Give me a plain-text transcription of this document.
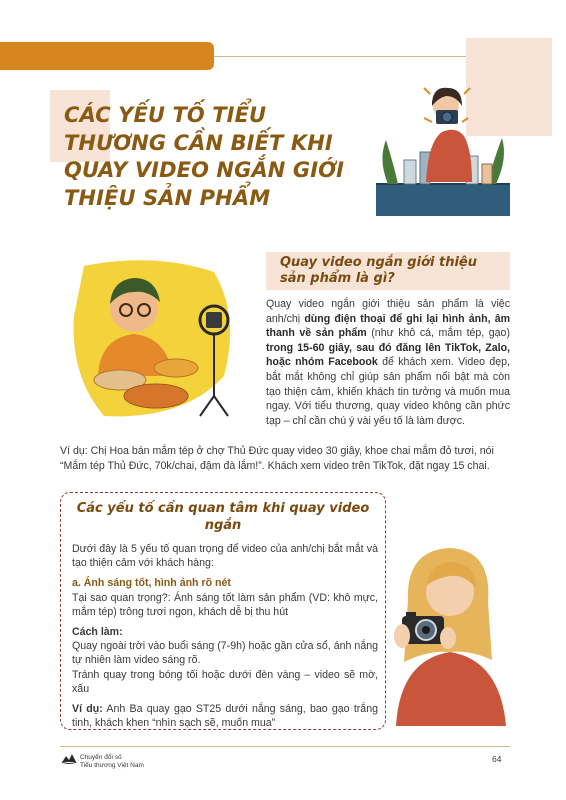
CÁC YẾU TỐ TIỂU THƯƠNG CẦN BIẾT KHI QUAY VIDEO NGẮN GIỚI THIỆU SẢN PHẨM
Quay video ngắn giới thiệu sản phẩm là gì?

Quay video ngắn giới thiệu sản phẩm là việc anh/chị dùng điện thoại để ghi lại hình ảnh, âm thanh về sản phẩm (như khô cá, mắm tép, gạo) trong 15-60 giây, sau đó đăng lên TikTok, Zalo, hoặc nhóm Facebook để khách xem. Video đẹp, bắt mắt không chỉ giúp sản phẩm nổi bật mà còn tạo thiện cảm, khiến khách tin tưởng và muốn mua ngay. Với tiểu thương, quay video không cần phức tạp – chỉ cần chú ý vài yếu tố là làm được.

Ví dụ: Chị Hoa bán mắm tép ở chợ Thủ Đức quay video 30 giây, khoe chai mắm đỏ tươi, nói “Mắm tép Thủ Đức, 70k/chai, đậm đà lắm!”. Khách xem video trên TikTok, đặt ngay 15 chai.

Các yếu tố cần quan tâm khi quay video ngắn

Dưới đây là 5 yếu tố quan trọng để video của anh/chị bắt mắt và tạo thiện cảm với khách hàng:

a. Ánh sáng tốt, hình ảnh rõ nét

Tại sao quan trọng?: Ánh sáng tốt làm sản phẩm (VD: khô mực, mắm tép) trông tươi ngon, khách dễ bị thu hút

Cách làm:

Quay ngoài trời vào buổi sáng (7-9h) hoặc gần cửa sổ, ánh nắng tự nhiên làm video sáng rõ.

Tránh quay trong bóng tối hoặc dưới đèn vàng – video sẽ mờ, xấu

Ví dụ: Anh Ba quay gạo ST25 dưới nắng sáng, bao gạo trắng tinh, khách khen “nhìn sạch sẽ, muốn mua”

Chuyển đổi số
Tiểu thương Việt Nam
64
